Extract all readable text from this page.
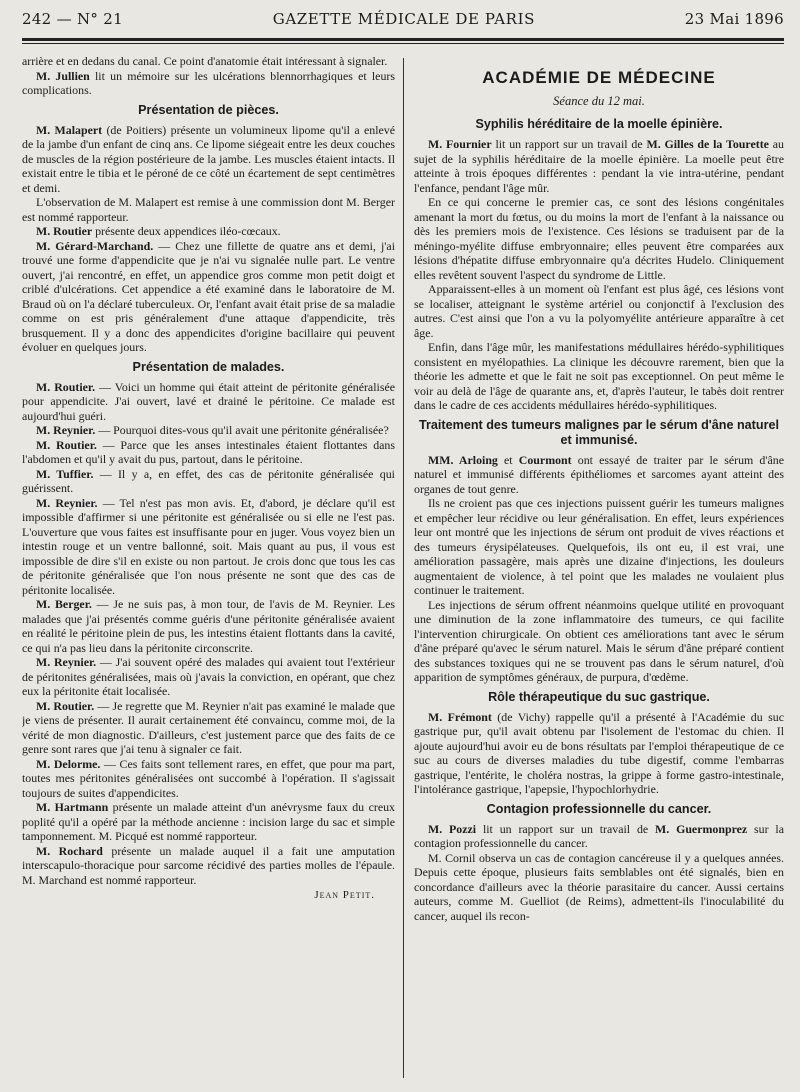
242 — N° 21	GAZETTE MÉDICALE DE PARIS	23 Mai 1896

arrière et en dedans du canal. Ce point d'anatomie était intéressant à signaler.

M. Jullien lit un mémoire sur les ulcérations blennorrhagiques et leurs complications.

Présentation de pièces.

M. Malapert (de Poitiers) présente un volumineux lipome qu'il a enlevé de la jambe d'un enfant de cinq ans. Ce lipome siégeait entre les deux couches de muscles de la région postérieure de la jambe. Les muscles étaient intacts. Il existait entre le tibia et le péroné de ce côté un écartement de sept centimètres et demi.

L'observation de M. Malapert est remise à une commission dont M. Berger est nommé rapporteur.

M. Routier présente deux appendices iléo-cœcaux.

M. Gérard-Marchand. — Chez une fillette de quatre ans et demi, j'ai trouvé une forme d'appendicite que je n'ai vu signalée nulle part. Le ventre ouvert, j'ai rencontré, en effet, un appendice gros comme mon petit doigt et criblé d'ulcérations. Cet appendice a été examiné dans le laboratoire de M. Braud où on l'a déclaré tuberculeux. Or, l'enfant avait était prise de sa maladie comme on est pris généralement d'une attaque d'appendicite, très brusquement. Il y a donc des appendicites d'origine bacillaire qui peuvent évoluer en quelques jours.

Présentation de malades.

M. Routier. — Voici un homme qui était atteint de péritonite généralisée pour appendicite. J'ai ouvert, lavé et drainé le péritoine. Ce malade est aujourd'hui guéri.

M. Reynier. — Pourquoi dites-vous qu'il avait une péritonite généralisée?

M. Routier. — Parce que les anses intestinales étaient flottantes dans l'abdomen et qu'il y avait du pus, partout, dans le péritoine.

M. Tuffier. — Il y a, en effet, des cas de péritonite généralisée qui guérissent.

M. Reynier. — Tel n'est pas mon avis. Et, d'abord, je déclare qu'il est impossible d'affirmer si une péritonite est généralisée ou si elle ne l'est pas. L'ouverture que vous faites est insuffisante pour en juger. Vous voyez bien un intestin rouge et un ventre ballonné, soit. Mais quant au pus, il vous est impossible de dire s'il en existe ou non partout. Je crois donc que tous les cas de péritonite généralisée que l'on nous présente ne sont que des cas de péritonite localisée.

M. Berger. — Je ne suis pas, à mon tour, de l'avis de M. Reynier. Les malades que j'ai présentés comme guéris d'une péritonite généralisée avaient en réalité le péritoine plein de pus, les intestins étaient flottants dans la cavité, ce qui n'a pas lieu dans la péritonite circonscrite.

M. Reynier. — J'ai souvent opéré des malades qui avaient tout l'extérieur de péritonites généralisées, mais où j'avais la conviction, en opérant, que chez eux la péritonite était localisée.

M. Routier. — Je regrette que M. Reynier n'ait pas examiné le malade que je viens de présenter. Il aurait certainement été convaincu, comme moi, de la vérité de mon diagnostic. D'ailleurs, c'est justement parce que des faits de ce genre sont rares que j'ai tenu à signaler ce fait.

M. Delorme. — Ces faits sont tellement rares, en effet, que pour ma part, toutes mes péritonites généralisées ont succombé à l'opération. Il s'agissait toujours de suites d'appendicites.

M. Hartmann présente un malade atteint d'un anévrysme faux du creux poplité qu'il a opéré par la méthode ancienne : incision large du sac et simple tamponnement. M. Picqué est nommé rapporteur.

M. Rochard présente un malade auquel il a fait une amputation interscapulo-thoracique pour sarcome récidivé des parties molles de l'épaule. M. Marchand est nommé rapporteur.

Jean Petit.
ACADÉMIE DE MÉDECINE
Séance du 12 mai.
Syphilis héréditaire de la moelle épinière.

M. Fournier lit un rapport sur un travail de M. Gilles de la Tourette au sujet de la syphilis héréditaire de la moelle épinière. La moelle peut être atteinte à trois époques différentes : pendant la vie intra-utérine, pendant l'enfance, pendant l'âge mûr.

En ce qui concerne le premier cas, ce sont des lésions congénitales amenant la mort du fœtus, ou du moins la mort de l'enfant à la naissance ou dès les premiers mois de l'existence. Ces lésions se traduisent par de la méningo-myélite diffuse embryonnaire; elles peuvent être comparées aux lésions d'hépatite diffuse embryonnaire qu'a décrites Hudelo. Cliniquement elles revêtent souvent l'aspect du syndrome de Little.

Apparaissent-elles à un moment où l'enfant est plus âgé, ces lésions vont se localiser, atteignant le système artériel ou conjonctif à l'exclusion des autres. C'est ainsi que l'on a vu la polyomyélite antérieure apparaître à cet âge.

Enfin, dans l'âge mûr, les manifestations médullaires hérédo-syphilitiques consistent en myélopathies. La clinique les découvre rarement, bien que la théorie les admette et que le fait ne soit pas exceptionnel. On peut même le voir au delà de l'âge de quarante ans, et, d'après l'auteur, le tabès doit rentrer dans le cadre de ces accidents médullaires hérédo-syphilitiques.

Traitement des tumeurs malignes par le sérum d'âne naturel et immunisé.

MM. Arloing et Courmont ont essayé de traiter par le sérum d'âne naturel et immunisé différents épithéliomes et sarcomes ayant atteint des organes de tout genre.

Ils ne croient pas que ces injections puissent guérir les tumeurs malignes et empêcher leur récidive ou leur généralisation. En effet, leurs expériences leur ont montré que les injections de sérum ont produit de vives réactions et des tumeurs érysipélateuses. Quelquefois, ils ont eu, il est vrai, une amélioration passagère, mais après une dizaine d'injections, les douleurs augmentaient de violence, à tel point que les malades ne voulaient plus continuer le traitement.

Les injections de sérum offrent néanmoins quelque utilité en provoquant une diminution de la zone inflammatoire des tumeurs, ce qui facilite l'intervention chirurgicale. On obtient ces améliorations tant avec le sérum d'âne préparé qu'avec le sérum naturel. Mais le sérum d'âne préparé contient des substances toxiques qui ne se trouvent pas dans le sérum naturel, d'où apparition de symptômes généraux, de purpura, d'œdème.

Rôle thérapeutique du suc gastrique.

M. Frémont (de Vichy) rappelle qu'il a présenté à l'Académie du suc gastrique pur, qu'il avait obtenu par l'isolement de l'estomac du chien. Il ajoute aujourd'hui avoir eu de bons résultats par l'emploi thérapeutique de ce suc au cours de diverses maladies du tube digestif, comme l'embarras gastrique, l'entérite, le choléra nostras, la grippe à forme gastro-intestinale, l'intolérance gastrique, l'apepsie, l'hypochlorhydrie.

Contagion professionnelle du cancer.

M. Pozzi lit un rapport sur un travail de M. Guermonprez sur la contagion professionnelle du cancer.

M. Cornil observa un cas de contagion cancéreuse il y a quelques années. Depuis cette époque, plusieurs faits semblables ont été signalés, bien en concordance d'ailleurs avec la théorie parasitaire du cancer. Aussi certains auteurs, comme M. Guelliot (de Reims), admettent-ils l'inoculabilité du cancer, auquel ils recon-
